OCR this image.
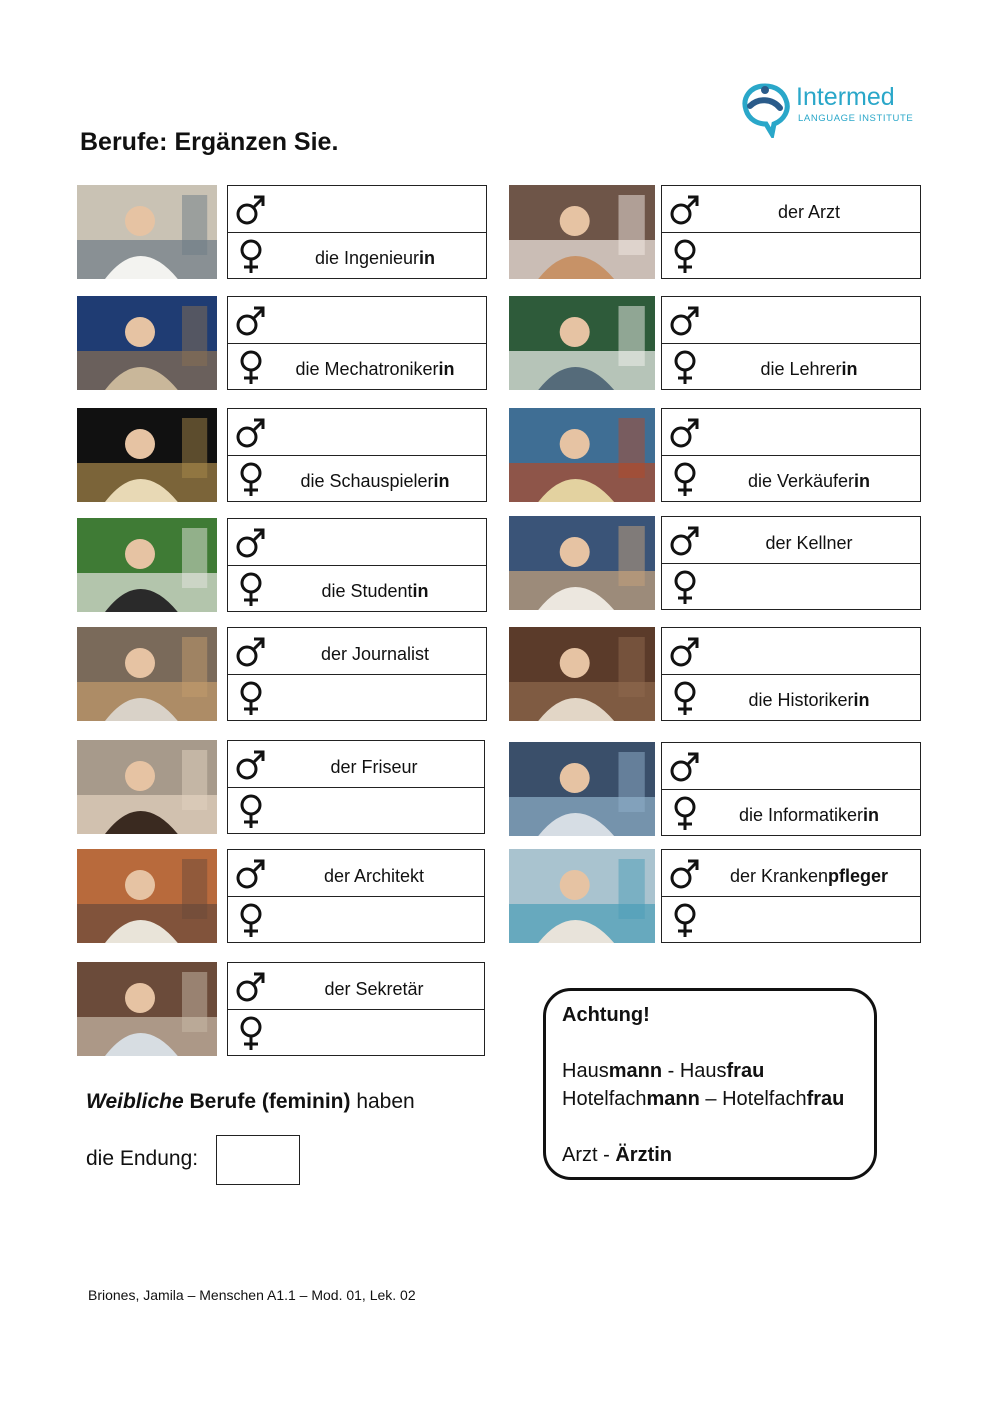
Intermed
LANGUAGE INSTITUTE
Berufe: Ergänzen Sie.
die Ingenieur in
die Mechatroniker in
die Schauspieler in
die Student in
der Journalist
der Friseur
der Architekt
der Sekretär
der Arzt
die Lehrer in
die Verkäufer in
der Kellner
die Historiker in
die Informatiker in
der Kranken pfleger
Weibliche Berufe (feminin) haben
die Endung:
Achtung!
Hausmann - Hausfrau
Hotelfachmann – Hotelfachfrau
Arzt - Ärztin
Briones, Jamila – Menschen A1.1 – Mod. 01, Lek. 02
